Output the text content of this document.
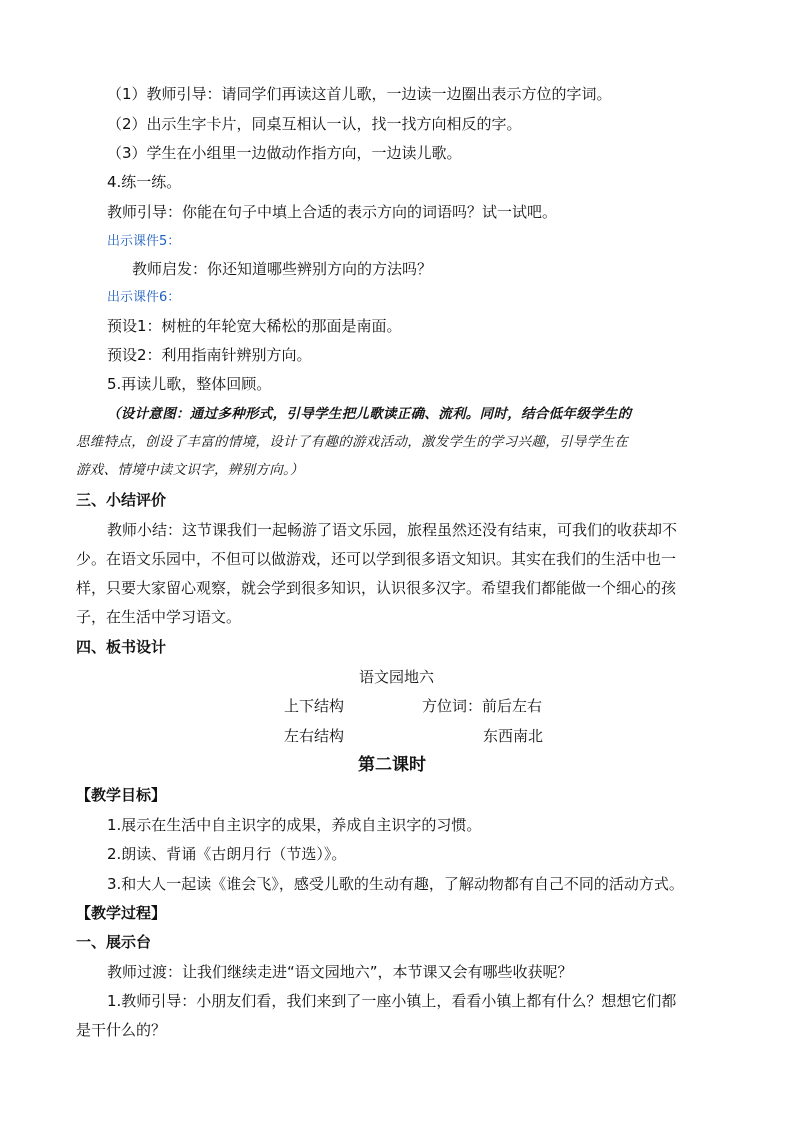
（1）教师引导：请同学们再读这首儿歌，一边读一边圈出表示方位的字词。
（2）出示生字卡片，同桌互相认一认，找一找方向相反的字。
（3）学生在小组里一边做动作指方向，一边读儿歌。
4.练一练。
教师引导：你能在句子中填上合适的表示方向的词语吗？试一试吧。
出示课件5：
教师启发：你还知道哪些辨别方向的方法吗？
出示课件6：
预设1：树桩的年轮宽大稀松的那面是南面。
预设2：利用指南针辨别方向。
5.再读儿歌，整体回顾。
（设计意图：通过多种形式，引导学生把儿歌读正确、流利。同时，结合低年级学生的
思维特点，创设了丰富的情境，设计了有趣的游戏活动，激发学生的学习兴趣，引导学生在
游戏、情境中读文识字，辨别方向。）
三、小结评价
教师小结：这节课我们一起畅游了语文乐园，旅程虽然还没有结束，可我们的收获却不
少。在语文乐园中，不但可以做游戏，还可以学到很多语文知识。其实在我们的生活中也一
样，只要大家留心观察，就会学到很多知识，认识很多汉字。希望我们都能做一个细心的孩
子，在生活中学习语文。
四、板书设计
语文园地六
上下结构	方位词：前后左右
左右结构	东西南北
第二课时
【教学目标】
1.展示在生活中自主识字的成果，养成自主识字的习惯。
2.朗读、背诵《古朗月行（节选）》。
3.和大人一起读《谁会飞》，感受儿歌的生动有趣，了解动物都有自己不同的活动方式。
【教学过程】
一、展示台
教师过渡：让我们继续走进“语文园地六”，本节课又会有哪些收获呢？
1.教师引导：小朋友们看，我们来到了一座小镇上，看看小镇上都有什么？想想它们都
是干什么的？
